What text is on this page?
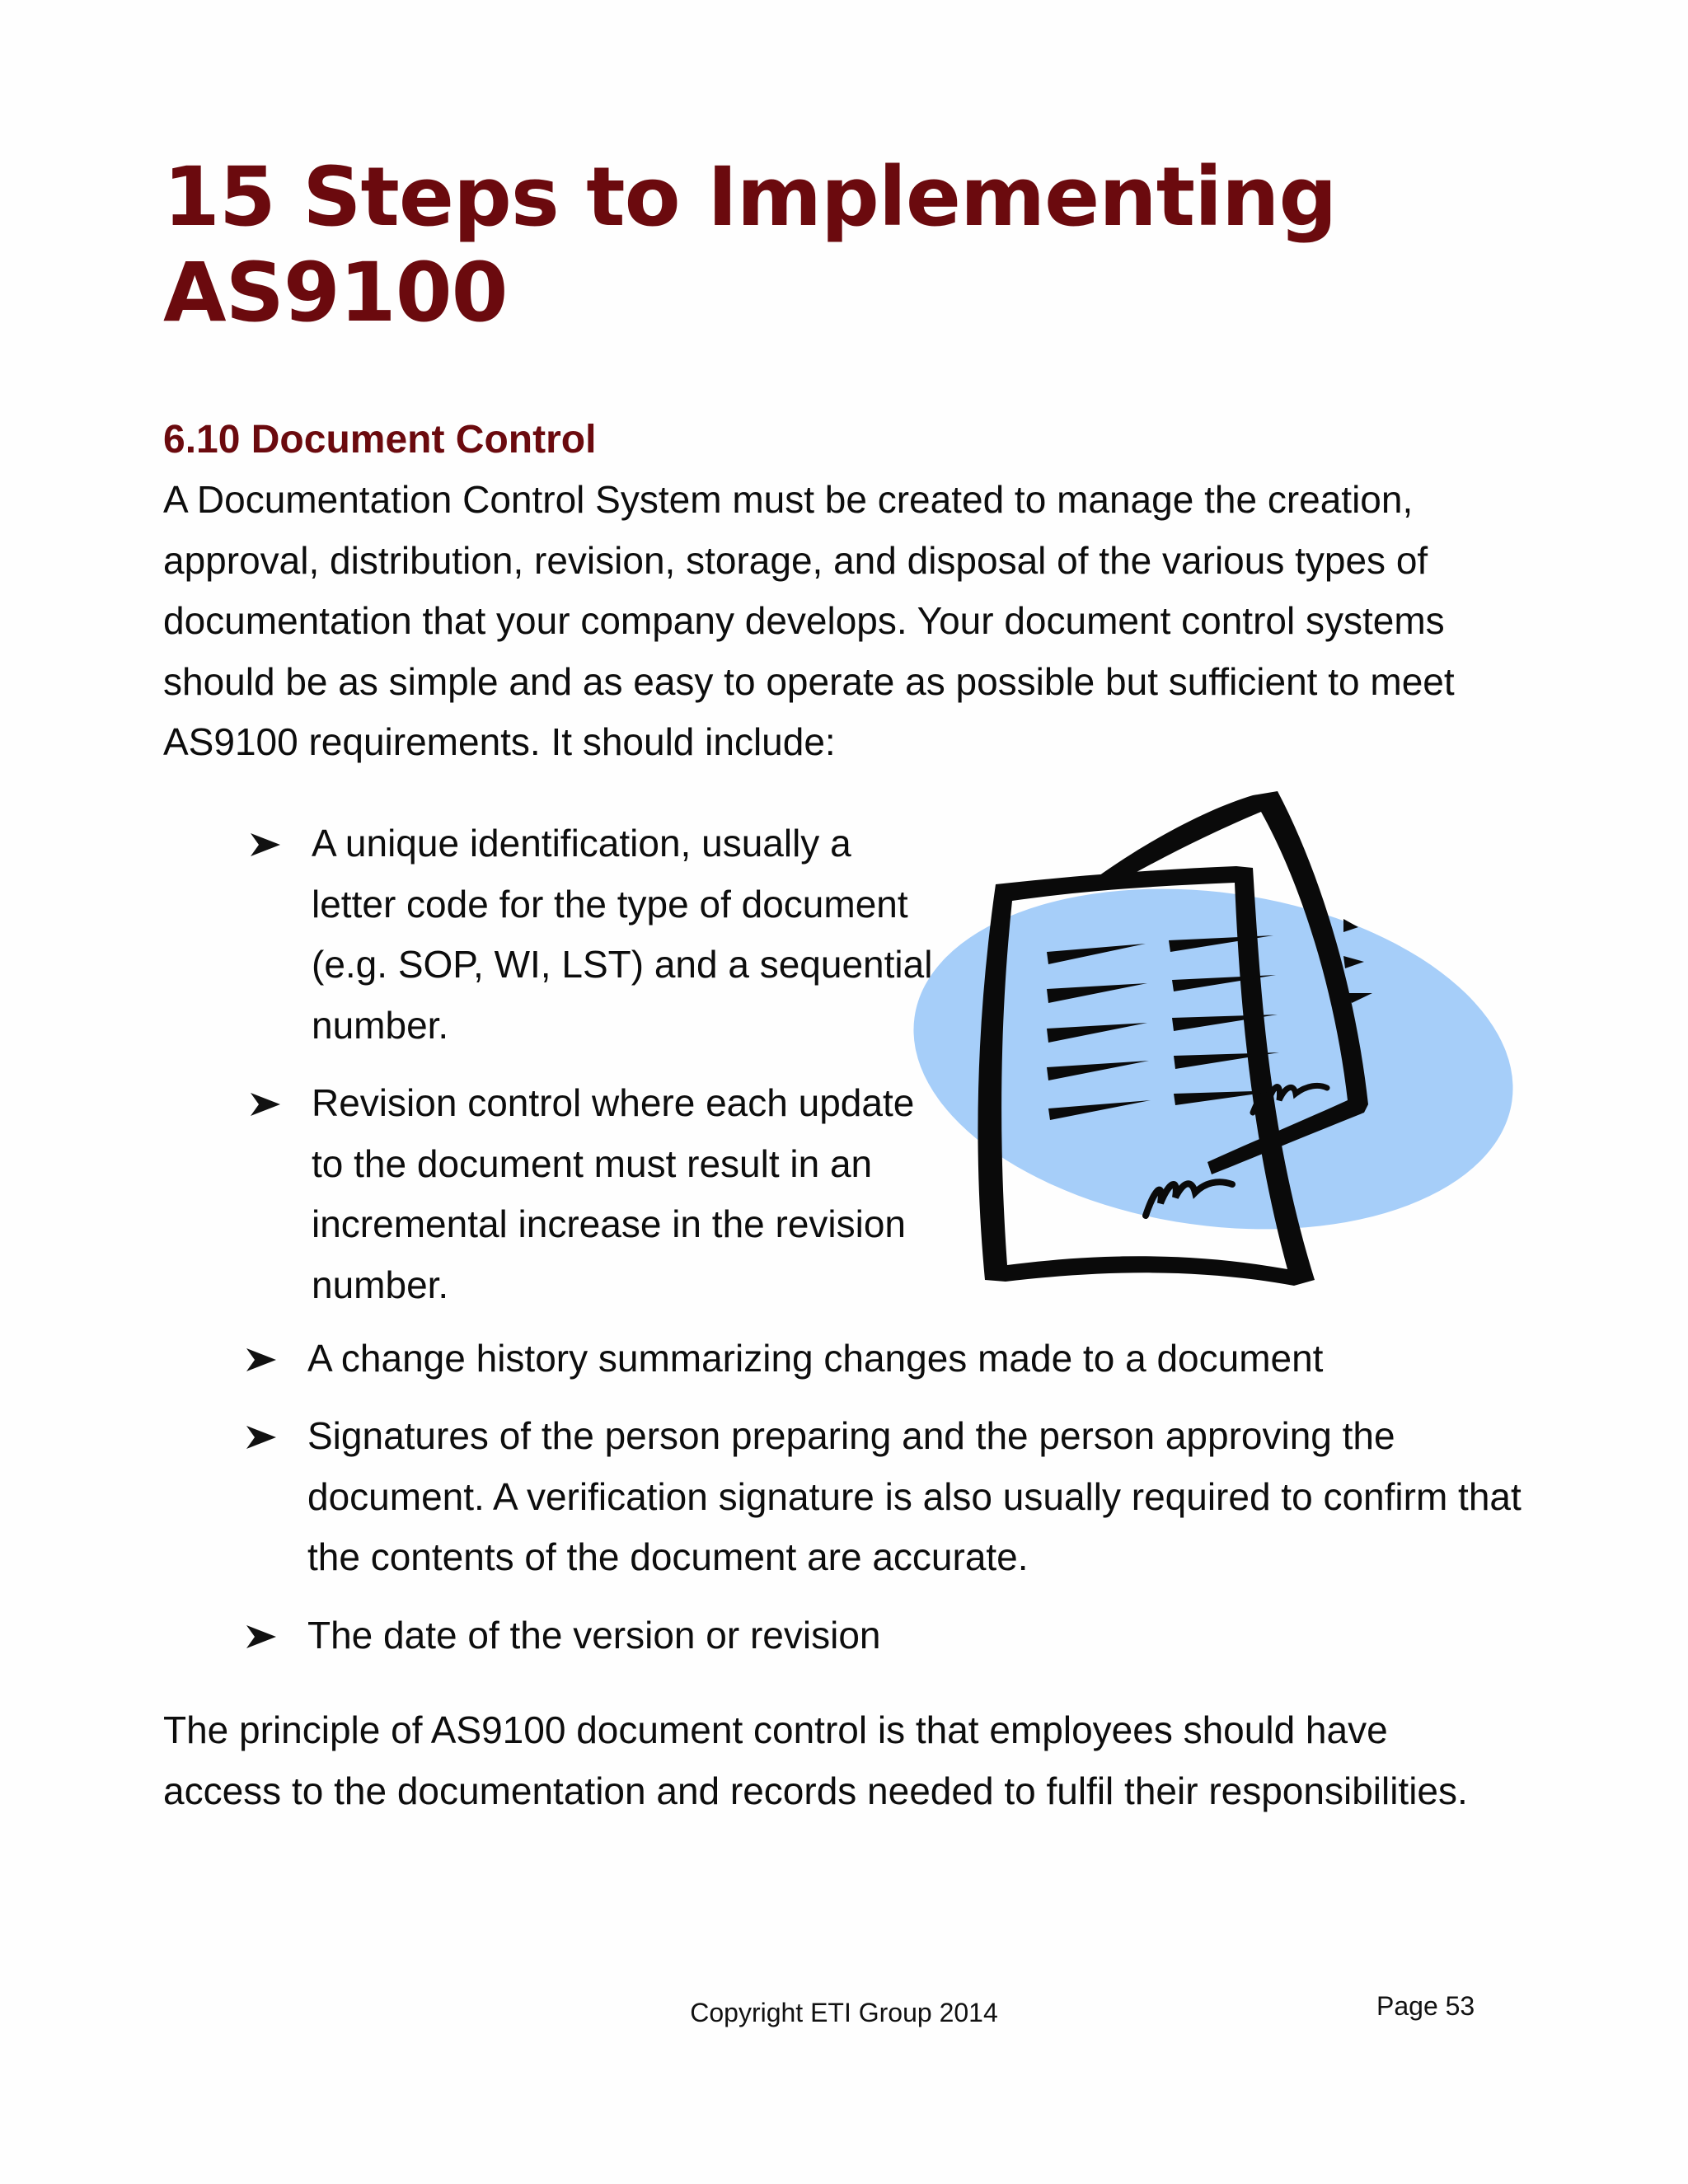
15 Steps to Implementing
AS9100
6.10 Document Control

A Documentation Control System must be created to manage the creation, approval, distribution, revision, storage, and disposal of the various types of documentation that your company develops. Your document control systems should be as simple and as easy to operate as possible but sufficient to meet AS9100 requirements. It should include:

A unique identification, usually a letter code for the type of document (e.g. SOP, WI, LST) and a sequential number.
Revision control where each update to the document must result in an incremental increase in the revision number.
A change history summarizing changes made to a document
Signatures of the person preparing and the person approving the document. A verification signature is also usually required to confirm that the contents of the document are accurate.
The date of the version or revision

The principle of AS9100 document control is that employees should have access to the documentation and records needed to fulfil their responsibilities.

Copyright ETI Group 2014	Page 53
